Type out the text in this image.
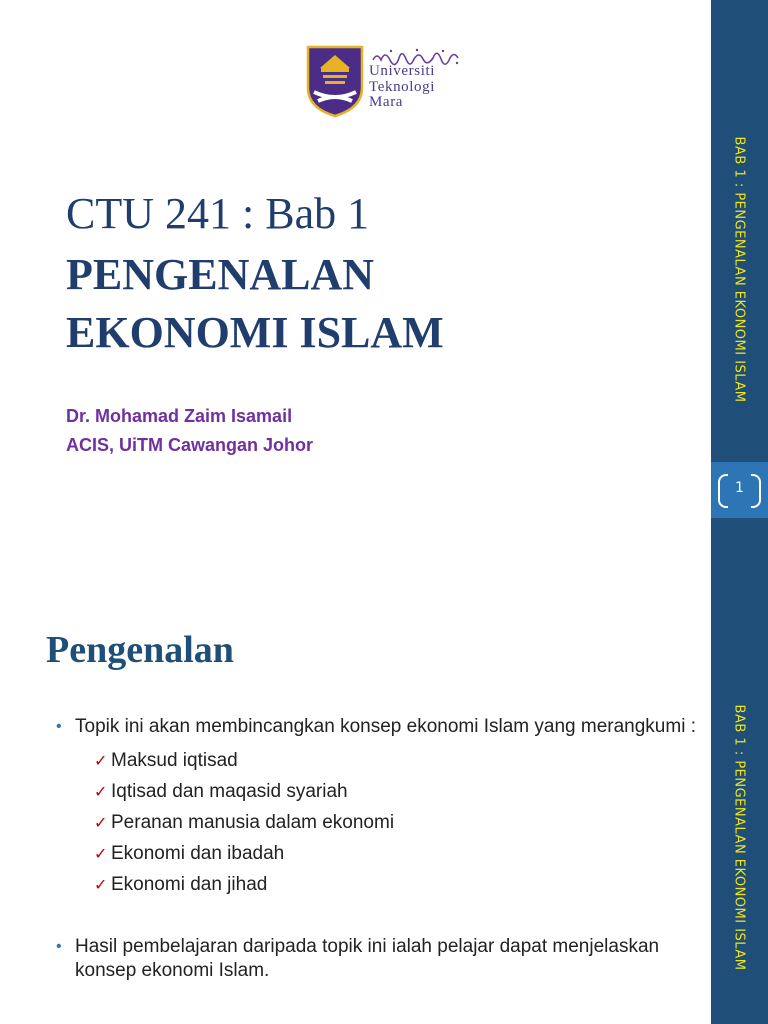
Universiti
Teknologi
Mara
CTU 241 : Bab 1
PENGENALAN
EKONOMI ISLAM
Dr. Mohamad Zaim Isamail
ACIS, UiTM Cawangan Johor
BAB 1 : PENGENALAN EKONOMI ISLAM
1
Pengenalan
• Topik ini akan membincangkan konsep ekonomi Islam yang merangkumi :
✓ Maksud iqtisad
✓ Iqtisad dan maqasid syariah
✓ Peranan manusia dalam ekonomi
✓ Ekonomi dan ibadah
✓ Ekonomi dan jihad
• Hasil pembelajaran daripada topik ini ialah pelajar dapat menjelaskan konsep ekonomi Islam.
BAB 1 : PENGENALAN EKONOMI ISLAM
